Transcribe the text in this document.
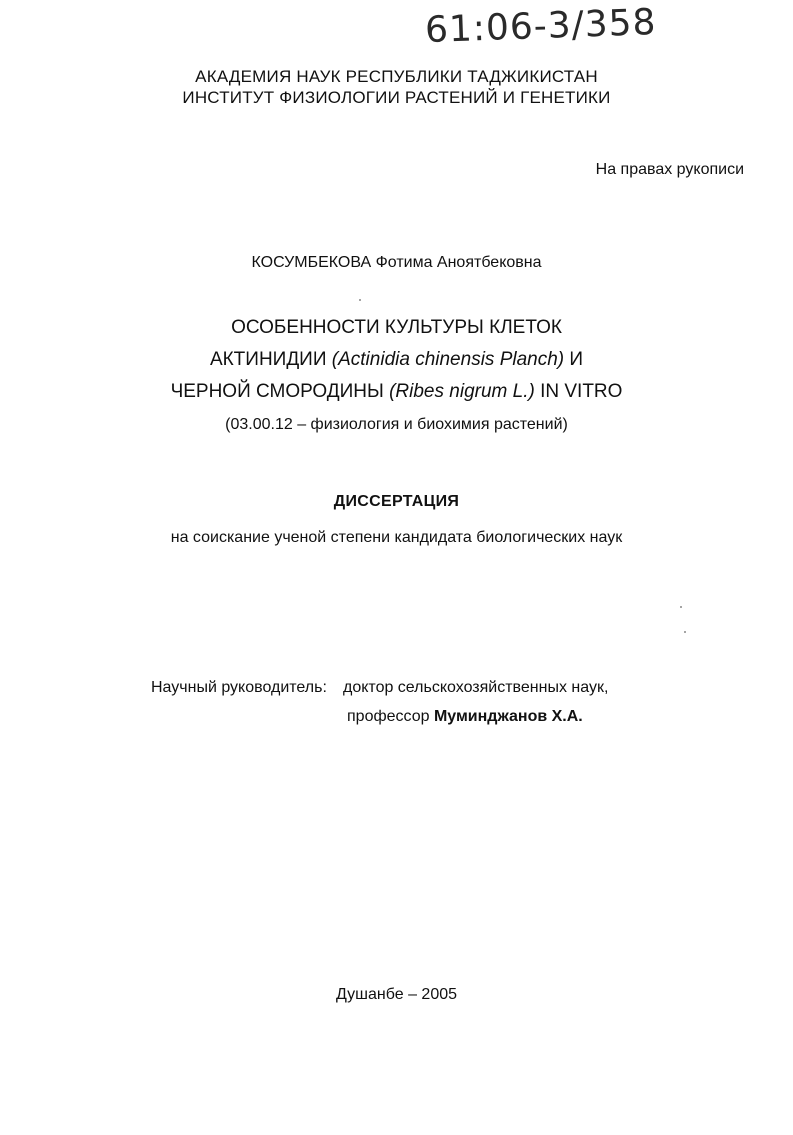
61:06-3/358
АКАДЕМИЯ НАУК РЕСПУБЛИКИ ТАДЖИКИСТАН
ИНСТИТУТ ФИЗИОЛОГИИ РАСТЕНИЙ И ГЕНЕТИКИ
На правах рукописи
КОСУМБЕКОВА Фотима Аноятбековна
ОСОБЕННОСТИ КУЛЬТУРЫ КЛЕТОК
АКТИНИДИИ (Actinidia chinensis Planch) И
ЧЕРНОЙ СМОРОДИНЫ (Ribes nigrum L.) IN VITRO
(03.00.12 – физиология и биохимия растений)
ДИССЕРТАЦИЯ
на соискание ученой степени кандидата биологических наук
Научный руководитель: доктор сельскохозяйственных наук,
профессор Муминджанов Х.А.
Душанбе – 2005
